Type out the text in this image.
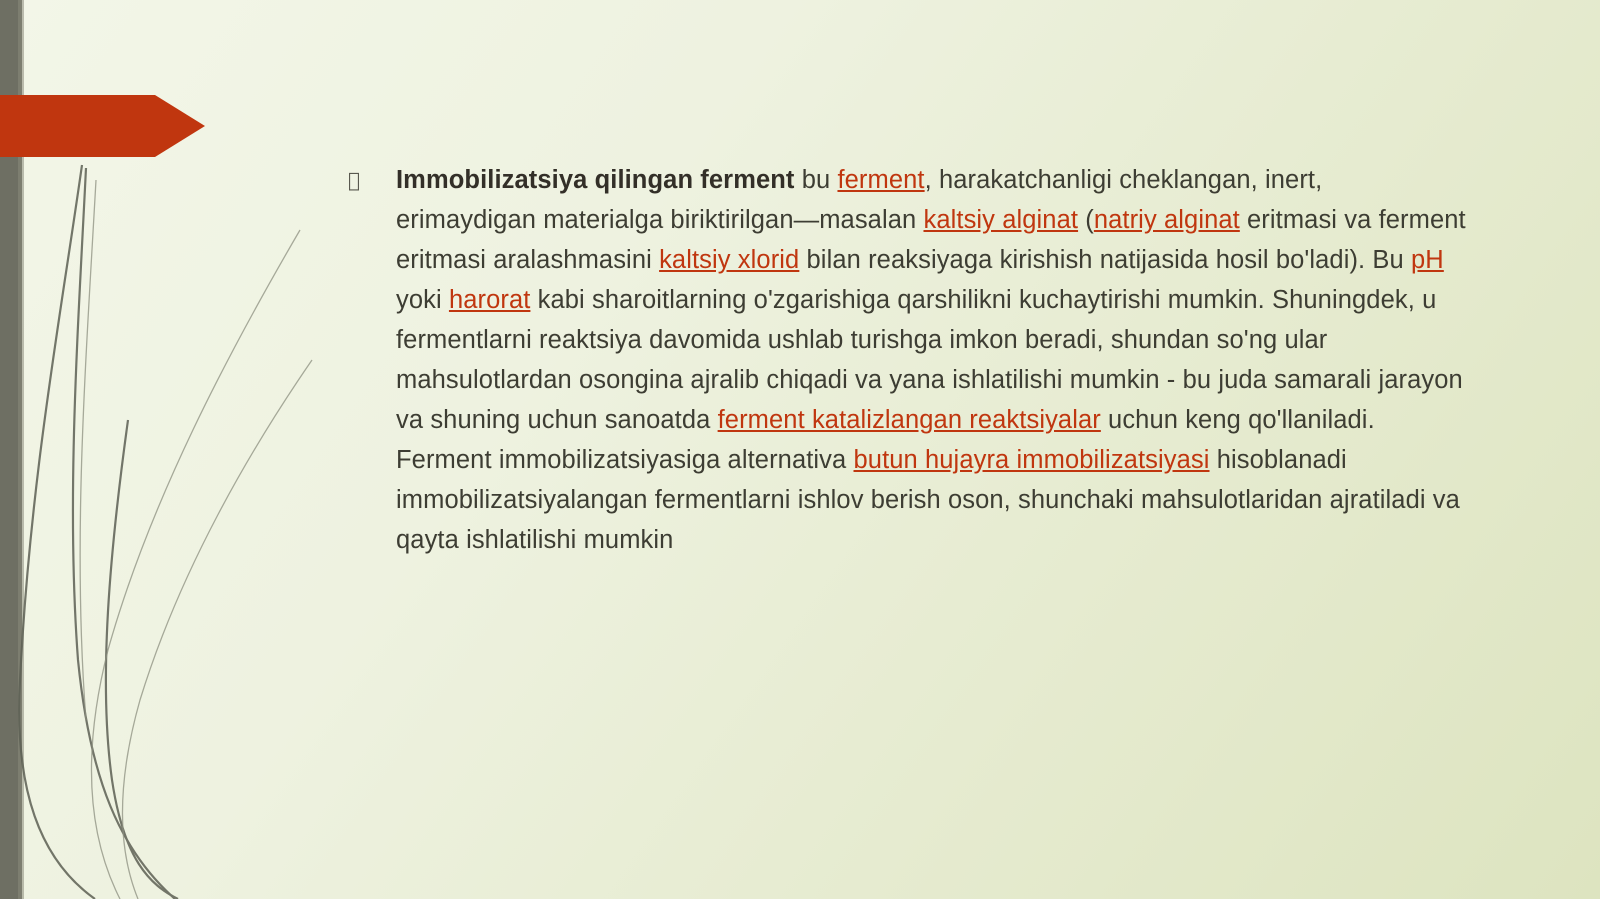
Immobilizatsiya qilingan ferment bu ferment, harakatchanligi cheklangan, inert, erimaydigan materialga biriktirilgan—masalan kaltsiy alginat (natriy alginat eritmasi va ferment eritmasi aralashmasini kaltsiy xlorid bilan reaksiyaga kirishish natijasida hosil bo'ladi). Bu pH yoki harorat kabi sharoitlarning o'zgarishiga qarshilikni kuchaytirishi mumkin. Shuningdek, u fermentlarni reaktsiya davomida ushlab turishga imkon beradi, shundan so'ng ular mahsulotlardan osongina ajralib chiqadi va yana ishlatilishi mumkin - bu juda samarali jarayon va shuning uchun sanoatda ferment katalizlangan reaktsiyalar uchun keng qo'llaniladi. Ferment immobilizatsiyasiga alternativa butun hujayra immobilizatsiyasi hisoblanadi immobilizatsiyalangan fermentlarni ishlov berish oson, shunchaki mahsulotlaridan ajratiladi va qayta ishlatilishi mumkin
